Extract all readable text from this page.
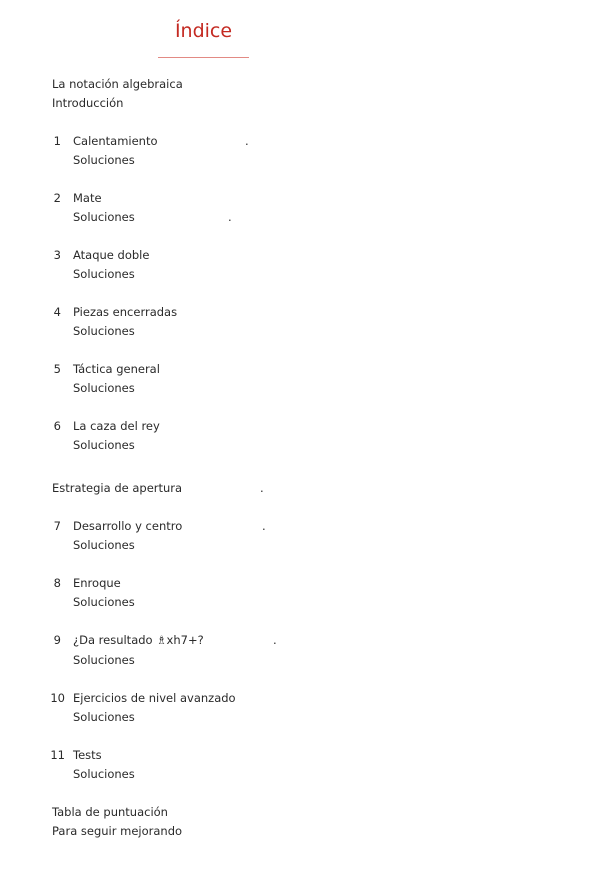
Índice
La notación algebraica
Introducción
1 Calentamiento	.
Soluciones
2 Mate
Soluciones	.
3 Ataque doble
Soluciones
4 Piezas encerradas
Soluciones
5 Táctica general
Soluciones
6 La caza del rey
Soluciones
Estrategia de apertura	.
7 Desarrollo y centro	.
Soluciones
8 Enroque
Soluciones
9 ¿Da resultado ♗xh7+?	.
Soluciones
10 Ejercicios de nivel avanzado
Soluciones
11 Tests
Soluciones
Tabla de puntuación
Para seguir mejorando
